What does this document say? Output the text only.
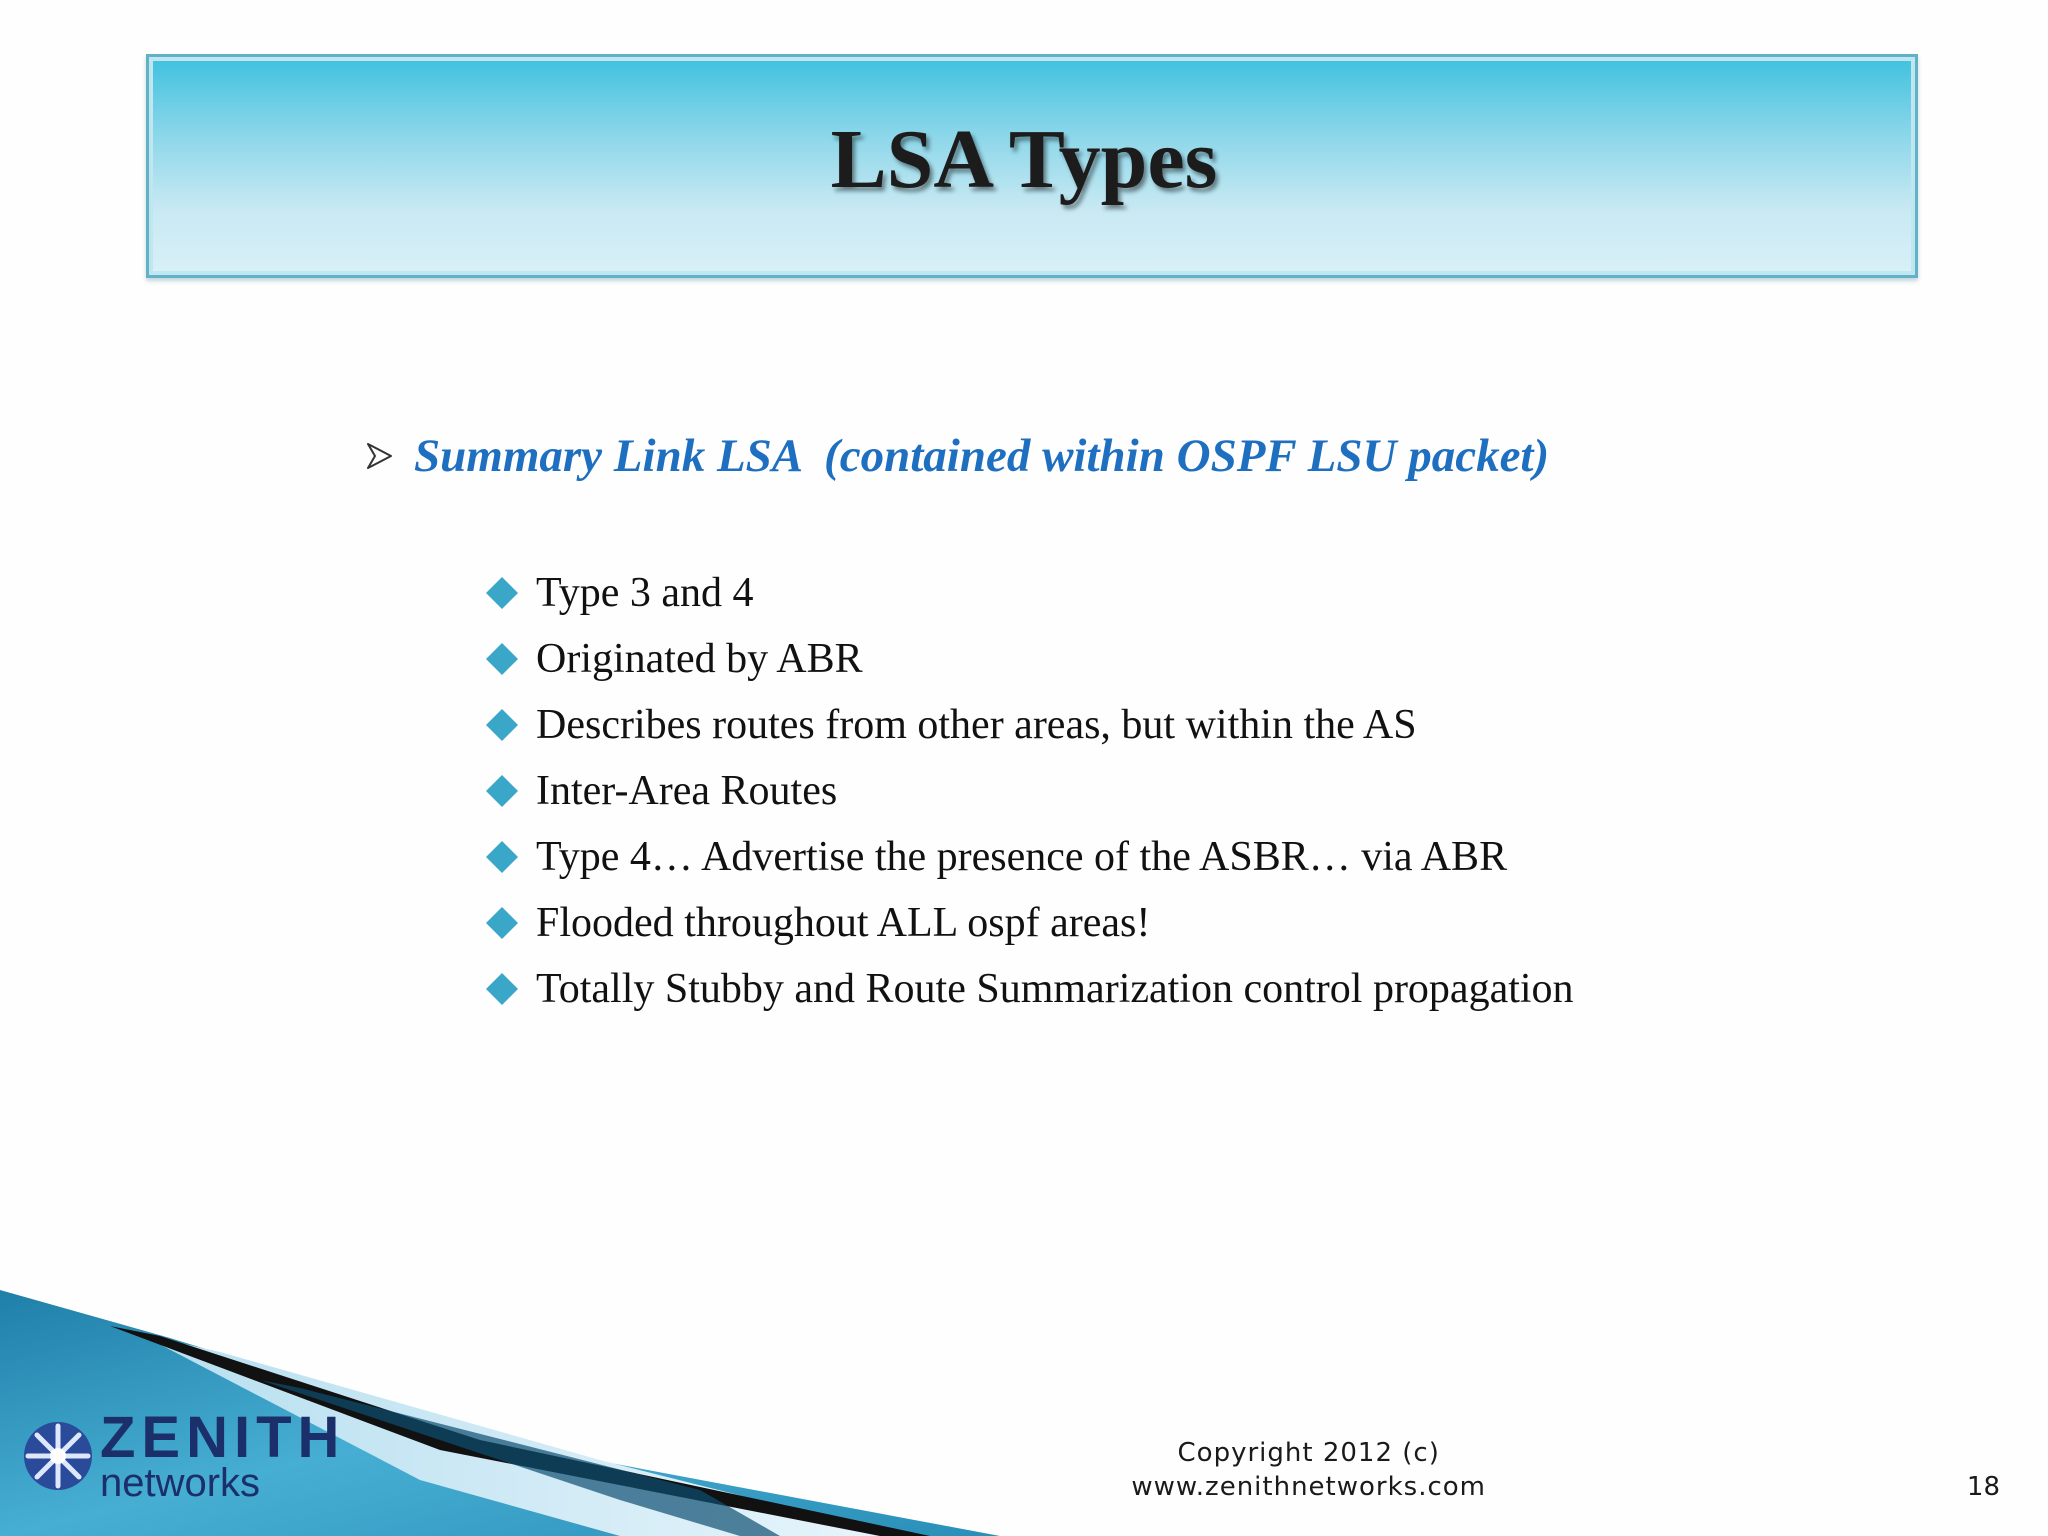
LSA Types
Summary Link LSA  (contained within OSPF LSU packet)
Type 3 and 4
Originated by ABR
Describes routes from other areas, but within the AS
Inter-Area Routes
Type 4… Advertise the presence of the ASBR… via ABR
Flooded throughout ALL ospf areas!
Totally Stubby and Route Summarization control propagation
ZENITH
networks
Copyright 2012 (c)
www.zenithnetworks.com	18
